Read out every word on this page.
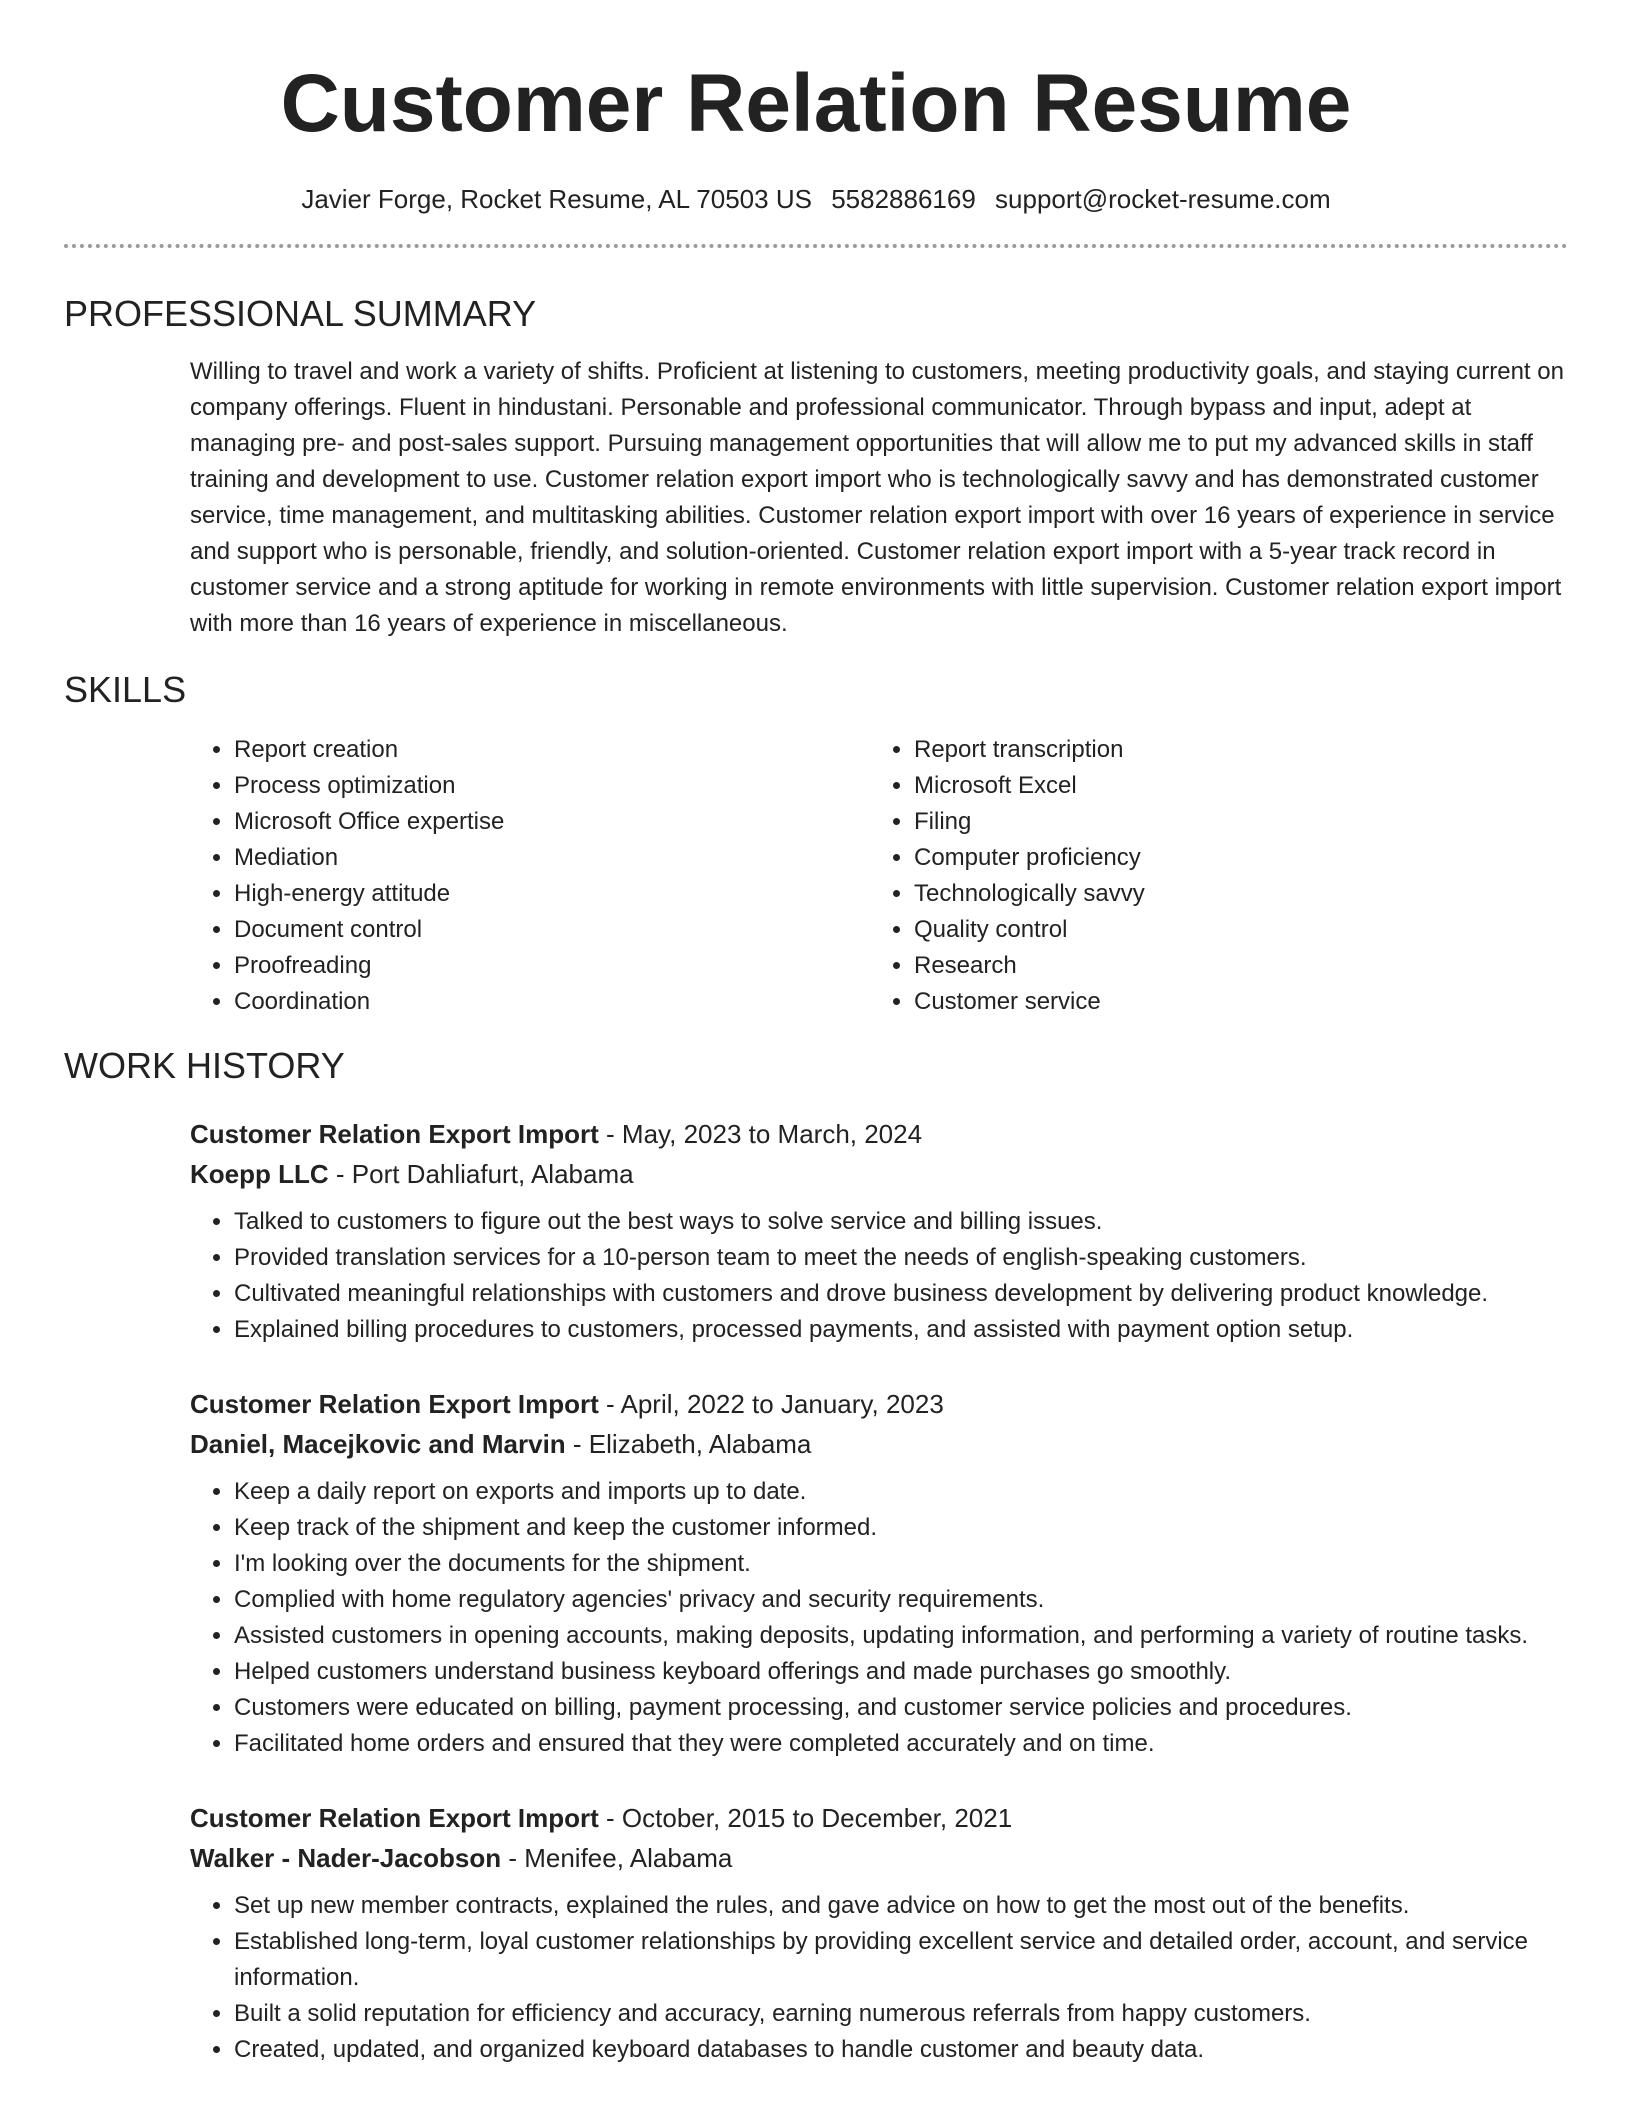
Customer Relation Resume
Javier Forge, Rocket Resume, AL 70503 US 5582886169 support@rocket-resume.com
PROFESSIONAL SUMMARY

Willing to travel and work a variety of shifts. Proficient at listening to customers, meeting productivity goals, and staying current on company offerings. Fluent in hindustani. Personable and professional communicator. Through bypass and input, adept at managing pre- and post-sales support. Pursuing management opportunities that will allow me to put my advanced skills in staff training and development to use. Customer relation export import who is technologically savvy and has demonstrated customer service, time management, and multitasking abilities. Customer relation export import with over 16 years of experience in service and support who is personable, friendly, and solution-oriented. Customer relation export import with a 5-year track record in customer service and a strong aptitude for working in remote environments with little supervision. Customer relation export import with more than 16 years of experience in miscellaneous.

SKILLS
• Report creation
• Process optimization
• Microsoft Office expertise
• Mediation
• High-energy attitude
• Document control
• Proofreading
• Coordination
• Report transcription
• Microsoft Excel
• Filing
• Computer proficiency
• Technologically savvy
• Quality control
• Research
• Customer service
WORK HISTORY
Customer Relation Export Import - May, 2023 to March, 2024
Koepp LLC - Port Dahliafurt, Alabama
• Talked to customers to figure out the best ways to solve service and billing issues.
• Provided translation services for a 10-person team to meet the needs of english-speaking customers.
• Cultivated meaningful relationships with customers and drove business development by delivering product knowledge.
• Explained billing procedures to customers, processed payments, and assisted with payment option setup.
Customer Relation Export Import - April, 2022 to January, 2023
Daniel, Macejkovic and Marvin - Elizabeth, Alabama
• Keep a daily report on exports and imports up to date.
• Keep track of the shipment and keep the customer informed.
• I'm looking over the documents for the shipment.
• Complied with home regulatory agencies' privacy and security requirements.
• Assisted customers in opening accounts, making deposits, updating information, and performing a variety of routine tasks.
• Helped customers understand business keyboard offerings and made purchases go smoothly.
• Customers were educated on billing, payment processing, and customer service policies and procedures.
• Facilitated home orders and ensured that they were completed accurately and on time.
Customer Relation Export Import - October, 2015 to December, 2021
Walker - Nader-Jacobson - Menifee, Alabama
• Set up new member contracts, explained the rules, and gave advice on how to get the most out of the benefits.
• Established long-term, loyal customer relationships by providing excellent service and detailed order, account, and service information.
• Built a solid reputation for efficiency and accuracy, earning numerous referrals from happy customers.
• Created, updated, and organized keyboard databases to handle customer and beauty data.
